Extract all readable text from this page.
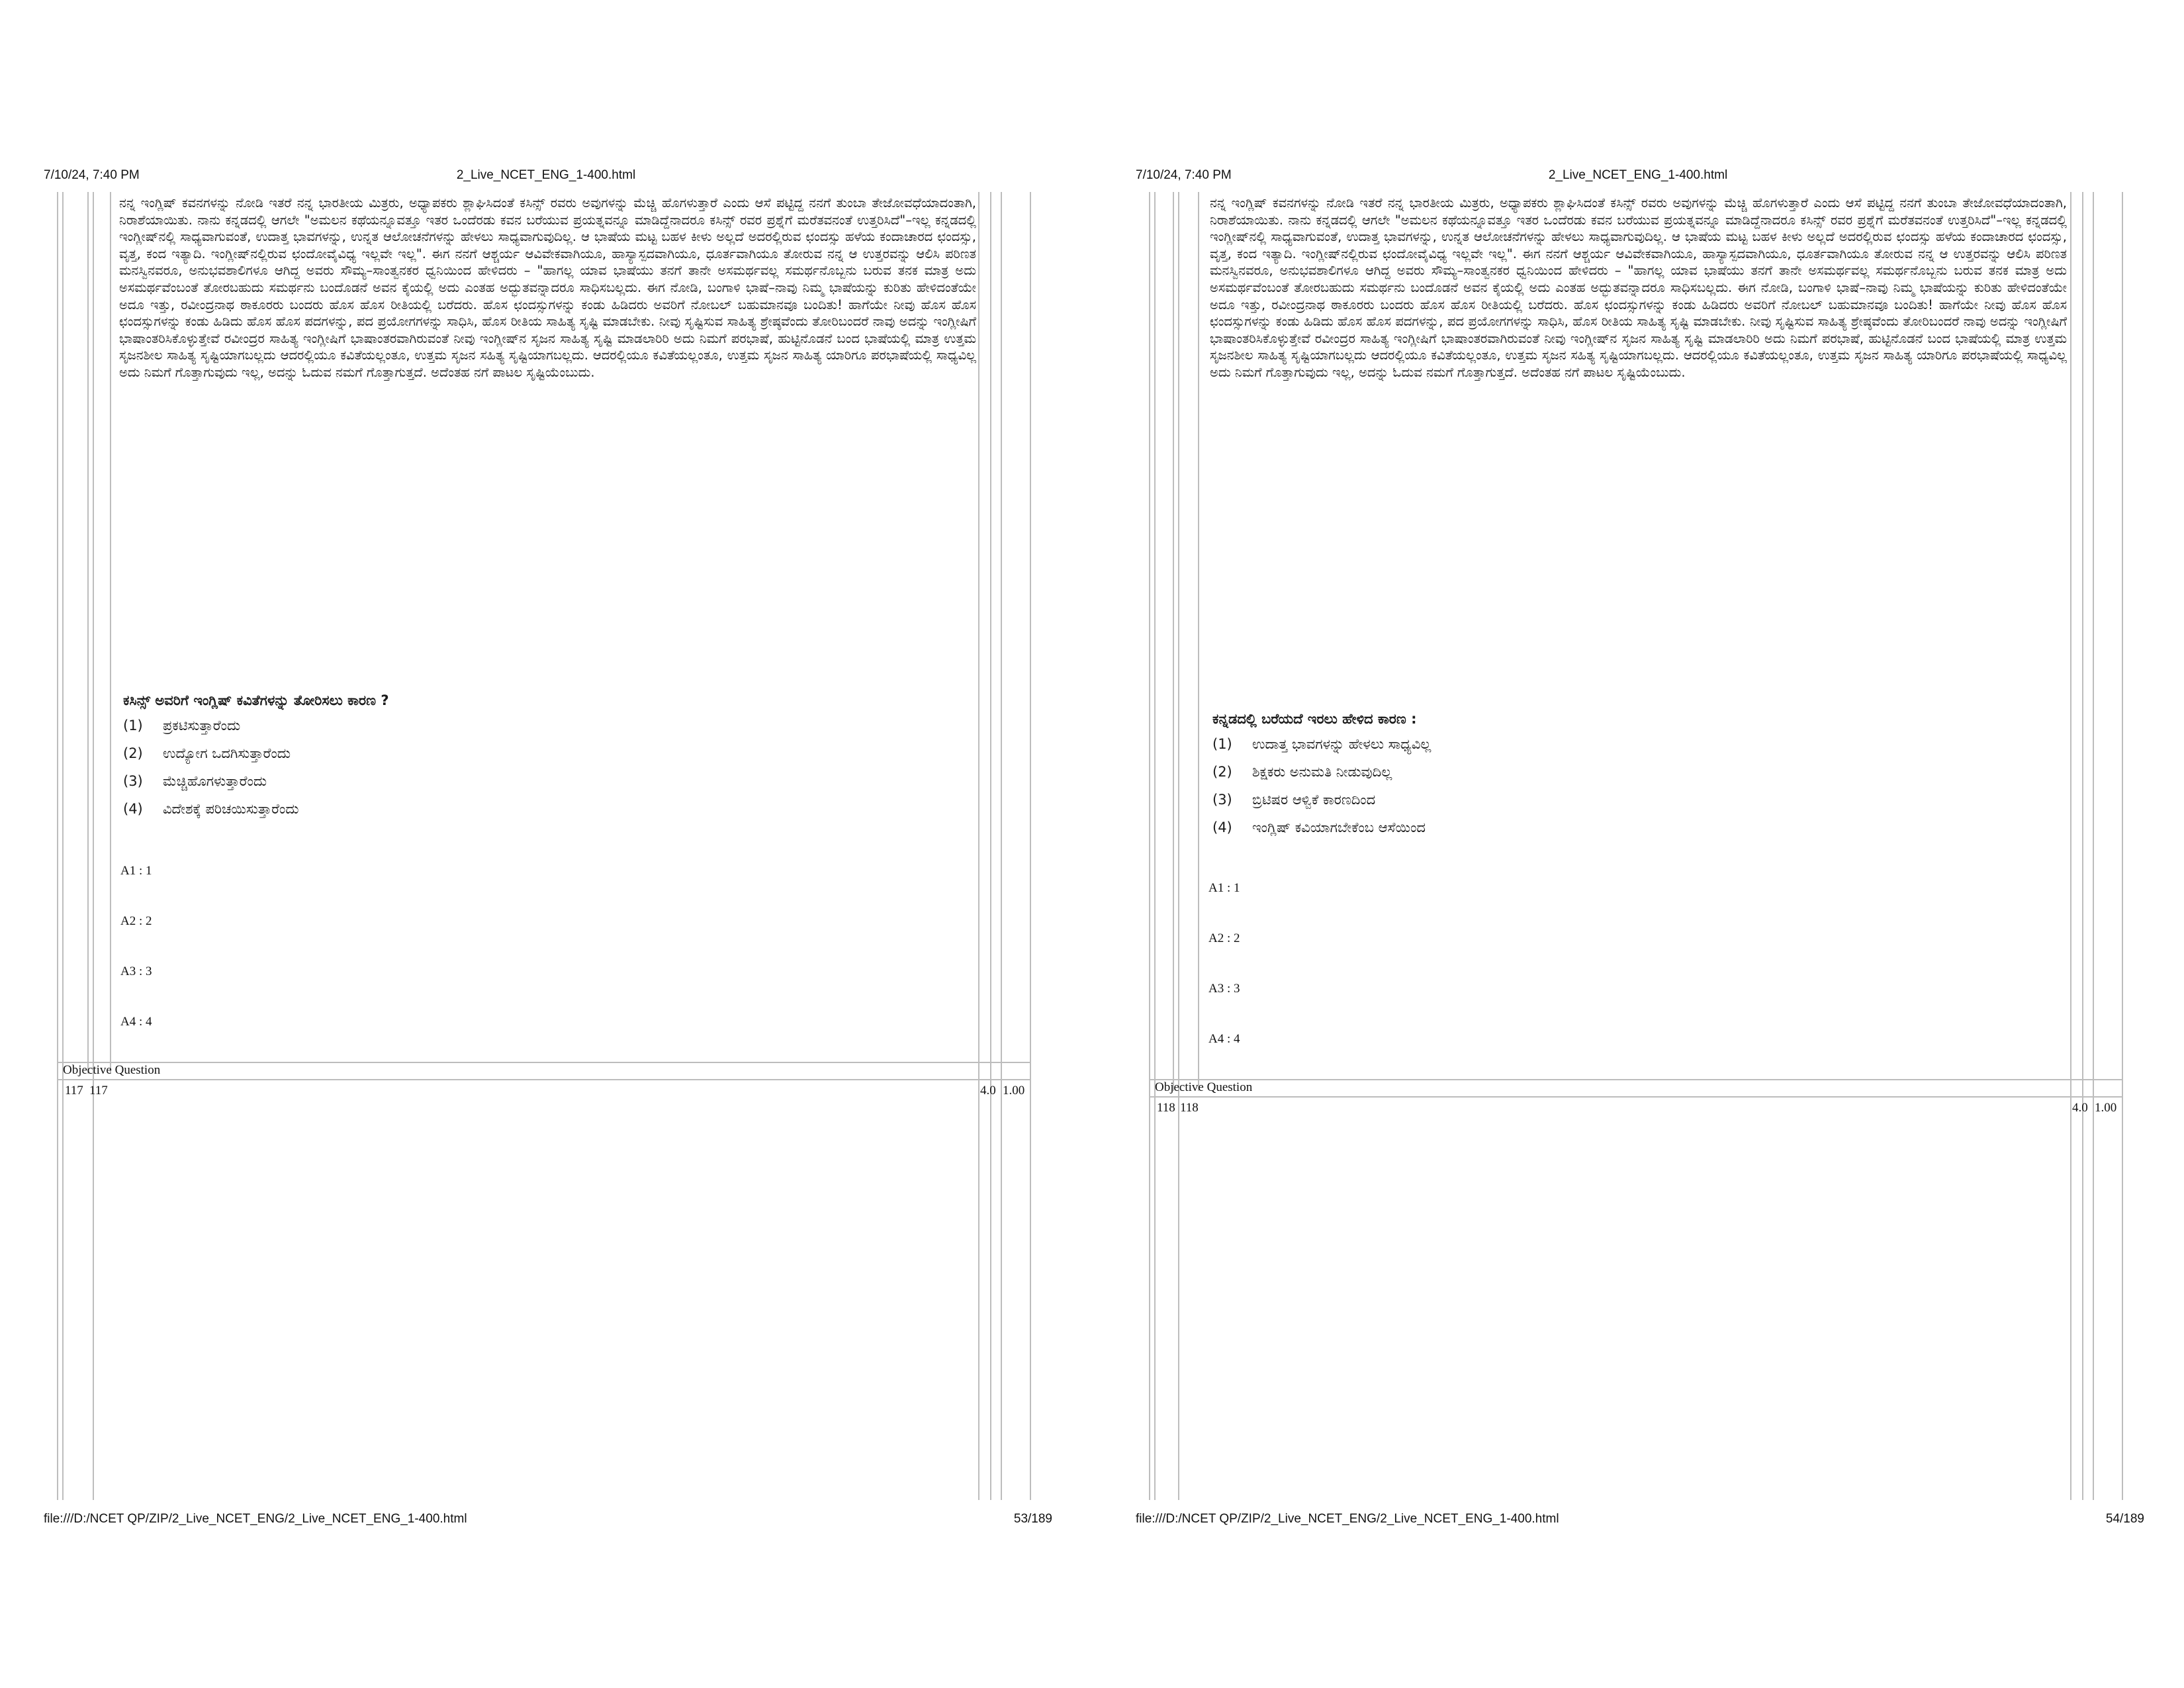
7/10/24, 7:40 PM	2_Live_NCET_ENG_1-400.html

ನನ್ನ ಇಂಗ್ಲಿಷ್ ಕವನಗಳನ್ನು ನೋಡಿ ಇತರೆ ನನ್ನ ಭಾರತೀಯ ಮಿತ್ರರು, ಅಧ್ಯಾಪಕರು ಶ್ಲಾಘಿಸಿದಂತೆ ಕಸಿನ್ಸ್ ರವರು ಅವುಗಳನ್ನು ಮೆಚ್ಚಿ ಹೊಗಳುತ್ತಾರೆ ಎಂದು ಆಸೆ ಪಟ್ಟಿದ್ದ ನನಗೆ ತುಂಬಾ ತೇಜೋವಧೆಯಾದಂತಾಗಿ, ನಿರಾಶೆಯಾಯಿತು. ನಾನು ಕನ್ನಡದಲ್ಲಿ ಆಗಲೇ "ಅಮಲನ ಕಥೆಯನ್ನೂವತ್ತೂ ಇತರ ಒಂದೆರಡು ಕವನ ಬರೆಯುವ ಪ್ರಯತ್ನವನ್ನೂ ಮಾಡಿದ್ದೆನಾದರೂ ಕಸಿನ್ಸ್ ರವರ ಪ್ರಶ್ನೆಗೆ ಮರೆತವನಂತೆ ಉತ್ತರಿಸಿದೆ"–ಇಲ್ಲ ಕನ್ನಡದಲ್ಲಿ ಇಂಗ್ಲೀಷ್‌ನಲ್ಲಿ ಸಾಧ್ಯವಾಗುವಂತೆ, ಉದಾತ್ತ ಭಾವಗಳನ್ನು, ಉನ್ನತ ಆಲೋಚನೆಗಳನ್ನು ಹೇಳಲು ಸಾಧ್ಯವಾಗುವುದಿಲ್ಲ. ಆ ಭಾಷೆಯ ಮಟ್ಟ ಬಹಳ ಕೀಳು ಅಲ್ಲದೆ ಅದರಲ್ಲಿರುವ ಛಂದಸ್ಸು ಹಳೆಯ ಕಂದಾಚಾರದ ಛಂದಸ್ಸು, ವೃತ್ತ, ಕಂದ ಇತ್ಯಾದಿ. ಇಂಗ್ಲೀಷ್‌ನಲ್ಲಿರುವ ಛಂದೋವೈವಿಧ್ಯ ಇಲ್ಲವೇ ಇಲ್ಲ". ಈಗ ನನಗೆ ಆಶ್ಚರ್ಯ ಆವಿವೇಕವಾಗಿಯೂ, ಹಾಸ್ಯಾಸ್ಪದವಾಗಿಯೂ, ಧೂರ್ತವಾಗಿಯೂ ತೋರುವ ನನ್ನ ಆ ಉತ್ತರವನ್ನು ಆಲಿಸಿ ಪರಿಣತ ಮನಸ್ವಿನವರೂ, ಅನುಭವಶಾಲಿಗಳೂ ಆಗಿದ್ದ ಅವರು ಸೌಮ್ಯ–ಸಾಂತ್ವನಕರ ಧ್ವನಿಯಿಂದ ಹೇಳಿದರು – "ಹಾಗಲ್ಲ ಯಾವ ಭಾಷೆಯು ತನಗೆ ತಾನೇ ಅಸಮರ್ಥವಲ್ಲ ಸಮರ್ಥನೊಬ್ಬನು ಬರುವ ತನಕ ಮಾತ್ರ ಅದು ಅಸಮರ್ಥವೆಂಬಂತೆ ತೋರಬಹುದು ಸಮರ್ಥನು ಬಂದೊಡನೆ ಅವನ ಕೈಯಲ್ಲಿ ಅದು ಎಂತಹ ಅದ್ಭುತವನ್ನಾದರೂ ಸಾಧಿಸಬಲ್ಲದು. ಈಗ ನೋಡಿ, ಬಂಗಾಳಿ ಭಾಷೆ–ನಾವು ನಿಮ್ಮ ಭಾಷೆಯನ್ನು ಕುರಿತು ಹೇಳಿದಂತೆಯೇ ಅದೂ ಇತ್ತು, ರವೀಂದ್ರನಾಥ ಠಾಕೂರರು ಬಂದರು ಹೊಸ ಹೊಸ ರೀತಿಯಲ್ಲಿ ಬರೆದರು. ಹೊಸ ಛಂದಸ್ಸುಗಳನ್ನು ಕಂಡು ಹಿಡಿದರು ಅವರಿಗೆ ನೋಬಲ್ ಬಹುಮಾನವೂ ಬಂದಿತು! ಹಾಗೆಯೇ ನೀವು ಹೊಸ ಹೊಸ ಛಂದಸ್ಸುಗಳನ್ನು ಕಂಡು ಹಿಡಿದು ಹೊಸ ಹೊಸ ಪದಗಳನ್ನು, ಪದ ಪ್ರಯೋಗಗಳನ್ನು ಸಾಧಿಸಿ, ಹೊಸ ರೀತಿಯ ಸಾಹಿತ್ಯ ಸೃಷ್ಟಿ ಮಾಡಬೇಕು. ನೀವು ಸೃಷ್ಟಿಸುವ ಸಾಹಿತ್ಯ ಶ್ರೇಷ್ಠವೆಂದು ತೋರಿಬಂದರೆ ನಾವು ಅದನ್ನು ಇಂಗ್ಲೀಷಿಗೆ ಭಾಷಾಂತರಿಸಿಕೊಳ್ಳುತ್ತೇವೆ ರವೀಂದ್ರರ ಸಾಹಿತ್ಯ ಇಂಗ್ಲೀಷಿಗೆ ಭಾಷಾಂತರವಾಗಿರುವಂತೆ ನೀವು ಇಂಗ್ಲೀಷ್‌ನ ಸೃಜನ ಸಾಹಿತ್ಯ ಸೃಷ್ಟಿ ಮಾಡಲಾರಿರಿ ಅದು ನಿಮಗೆ ಪರಭಾಷೆ, ಹುಟ್ಟಿನೊಡನೆ ಬಂದ ಭಾಷೆಯಲ್ಲಿ ಮಾತ್ರ ಉತ್ತಮ ಸೃಜನಶೀಲ ಸಾಹಿತ್ಯ ಸೃಷ್ಟಿಯಾಗಬಲ್ಲದು ಆದರಲ್ಲಿಯೂ ಕವಿತೆಯಲ್ಲಂತೂ, ಉತ್ತಮ ಸೃಜನ ಸಹಿತ್ಯ ಸೃಷ್ಟಿಯಾಗಬಲ್ಲದು. ಆದರಲ್ಲಿಯೂ ಕವಿತೆಯಲ್ಲಂತೂ, ಉತ್ತಮ ಸೃಜನ ಸಾಹಿತ್ಯ ಯಾರಿಗೂ ಪರಭಾಷೆಯಲ್ಲಿ ಸಾಧ್ಯವಿಲ್ಲ ಅದು ನಿಮಗೆ ಗೊತ್ತಾಗುವುದು ಇಲ್ಲ, ಅದನ್ನು ಓದುವ ನಮಗೆ ಗೊತ್ತಾಗುತ್ತದೆ. ಅದೆಂತಹ ನಗೆ ಪಾಟಲ ಸೃಷ್ಟಿಯೆಂಬುದು.

ಕಸಿನ್ಸ್ ಅವರಿಗೆ ಇಂಗ್ಲಿಷ್ ಕವಿತೆಗಳನ್ನು ತೋರಿಸಲು ಕಾರಣ ?

(1) ಪ್ರಕಟಿಸುತ್ತಾರೆಂದು
(2) ಉದ್ಯೋಗ ಒದಗಿಸುತ್ತಾರೆಂದು
(3) ಮೆಚ್ಚಿಹೊಗಳುತ್ತಾರೆಂದು
(4) ವಿದೇಶಕ್ಕೆ ಪರಿಚಯಿಸುತ್ತಾರೆಂದು
A1 : 1
A2 : 2
A3 : 3
A4 : 4
Objective Question
117 117	4.0 1.00
file:///D:/NCET QP/ZIP/2_Live_NCET_ENG/2_Live_NCET_ENG_1-400.html	53/189
7/10/24, 7:40 PM	2_Live_NCET_ENG_1-400.html

ನನ್ನ ಇಂಗ್ಲಿಷ್ ಕವನಗಳನ್ನು ನೋಡಿ ಇತರೆ ನನ್ನ ಭಾರತೀಯ ಮಿತ್ರರು, ಅಧ್ಯಾಪಕರು ಶ್ಲಾಘಿಸಿದಂತೆ ಕಸಿನ್ಸ್ ರವರು ಅವುಗಳನ್ನು ಮೆಚ್ಚಿ ಹೊಗಳುತ್ತಾರೆ ಎಂದು ಆಸೆ ಪಟ್ಟಿದ್ದ ನನಗೆ ತುಂಬಾ ತೇಜೋವಧೆಯಾದಂತಾಗಿ, ನಿರಾಶೆಯಾಯಿತು. ನಾನು ಕನ್ನಡದಲ್ಲಿ ಆಗಲೇ "ಅಮಲನ ಕಥೆಯನ್ನೂವತ್ತೂ ಇತರ ಒಂದೆರಡು ಕವನ ಬರೆಯುವ ಪ್ರಯತ್ನವನ್ನೂ ಮಾಡಿದ್ದೆನಾದರೂ ಕಸಿನ್ಸ್ ರವರ ಪ್ರಶ್ನೆಗೆ ಮರೆತವನಂತೆ ಉತ್ತರಿಸಿದೆ"–ಇಲ್ಲ ಕನ್ನಡದಲ್ಲಿ ಇಂಗ್ಲೀಷ್‌ನಲ್ಲಿ ಸಾಧ್ಯವಾಗುವಂತೆ, ಉದಾತ್ತ ಭಾವಗಳನ್ನು, ಉನ್ನತ ಆಲೋಚನೆಗಳನ್ನು ಹೇಳಲು ಸಾಧ್ಯವಾಗುವುದಿಲ್ಲ. ಆ ಭಾಷೆಯ ಮಟ್ಟ ಬಹಳ ಕೀಳು ಅಲ್ಲದೆ ಅದರಲ್ಲಿರುವ ಛಂದಸ್ಸು ಹಳೆಯ ಕಂದಾಚಾರದ ಛಂದಸ್ಸು, ವೃತ್ತ, ಕಂದ ಇತ್ಯಾದಿ. ಇಂಗ್ಲೀಷ್‌ನಲ್ಲಿರುವ ಛಂದೋವೈವಿಧ್ಯ ಇಲ್ಲವೇ ಇಲ್ಲ". ಈಗ ನನಗೆ ಆಶ್ಚರ್ಯ ಆವಿವೇಕವಾಗಿಯೂ, ಹಾಸ್ಯಾಸ್ಪದವಾಗಿಯೂ, ಧೂರ್ತವಾಗಿಯೂ ತೋರುವ ನನ್ನ ಆ ಉತ್ತರವನ್ನು ಆಲಿಸಿ ಪರಿಣತ ಮನಸ್ವಿನವರೂ, ಅನುಭವಶಾಲಿಗಳೂ ಆಗಿದ್ದ ಅವರು ಸೌಮ್ಯ–ಸಾಂತ್ವನಕರ ಧ್ವನಿಯಿಂದ ಹೇಳಿದರು – "ಹಾಗಲ್ಲ ಯಾವ ಭಾಷೆಯು ತನಗೆ ತಾನೇ ಅಸಮರ್ಥವಲ್ಲ ಸಮರ್ಥನೊಬ್ಬನು ಬರುವ ತನಕ ಮಾತ್ರ ಅದು ಅಸಮರ್ಥವೆಂಬಂತೆ ತೋರಬಹುದು ಸಮರ್ಥನು ಬಂದೊಡನೆ ಅವನ ಕೈಯಲ್ಲಿ ಅದು ಎಂತಹ ಅದ್ಭುತವನ್ನಾದರೂ ಸಾಧಿಸಬಲ್ಲದು. ಈಗ ನೋಡಿ, ಬಂಗಾಳಿ ಭಾಷೆ–ನಾವು ನಿಮ್ಮ ಭಾಷೆಯನ್ನು ಕುರಿತು ಹೇಳಿದಂತೆಯೇ ಅದೂ ಇತ್ತು, ರವೀಂದ್ರನಾಥ ಠಾಕೂರರು ಬಂದರು ಹೊಸ ಹೊಸ ರೀತಿಯಲ್ಲಿ ಬರೆದರು. ಹೊಸ ಛಂದಸ್ಸುಗಳನ್ನು ಕಂಡು ಹಿಡಿದರು ಅವರಿಗೆ ನೋಬಲ್ ಬಹುಮಾನವೂ ಬಂದಿತು! ಹಾಗೆಯೇ ನೀವು ಹೊಸ ಹೊಸ ಛಂದಸ್ಸುಗಳನ್ನು ಕಂಡು ಹಿಡಿದು ಹೊಸ ಹೊಸ ಪದಗಳನ್ನು, ಪದ ಪ್ರಯೋಗಗಳನ್ನು ಸಾಧಿಸಿ, ಹೊಸ ರೀತಿಯ ಸಾಹಿತ್ಯ ಸೃಷ್ಟಿ ಮಾಡಬೇಕು. ನೀವು ಸೃಷ್ಟಿಸುವ ಸಾಹಿತ್ಯ ಶ್ರೇಷ್ಠವೆಂದು ತೋರಿಬಂದರೆ ನಾವು ಅದನ್ನು ಇಂಗ್ಲೀಷಿಗೆ ಭಾಷಾಂತರಿಸಿಕೊಳ್ಳುತ್ತೇವೆ ರವೀಂದ್ರರ ಸಾಹಿತ್ಯ ಇಂಗ್ಲೀಷಿಗೆ ಭಾಷಾಂತರವಾಗಿರುವಂತೆ ನೀವು ಇಂಗ್ಲೀಷ್‌ನ ಸೃಜನ ಸಾಹಿತ್ಯ ಸೃಷ್ಟಿ ಮಾಡಲಾರಿರಿ ಅದು ನಿಮಗೆ ಪರಭಾಷೆ, ಹುಟ್ಟಿನೊಡನೆ ಬಂದ ಭಾಷೆಯಲ್ಲಿ ಮಾತ್ರ ಉತ್ತಮ ಸೃಜನಶೀಲ ಸಾಹಿತ್ಯ ಸೃಷ್ಟಿಯಾಗಬಲ್ಲದು ಆದರಲ್ಲಿಯೂ ಕವಿತೆಯಲ್ಲಂತೂ, ಉತ್ತಮ ಸೃಜನ ಸಹಿತ್ಯ ಸೃಷ್ಟಿಯಾಗಬಲ್ಲದು. ಆದರಲ್ಲಿಯೂ ಕವಿತೆಯಲ್ಲಂತೂ, ಉತ್ತಮ ಸೃಜನ ಸಾಹಿತ್ಯ ಯಾರಿಗೂ ಪರಭಾಷೆಯಲ್ಲಿ ಸಾಧ್ಯವಿಲ್ಲ ಅದು ನಿಮಗೆ ಗೊತ್ತಾಗುವುದು ಇಲ್ಲ, ಅದನ್ನು ಓದುವ ನಮಗೆ ಗೊತ್ತಾಗುತ್ತದೆ. ಅದೆಂತಹ ನಗೆ ಪಾಟಲ ಸೃಷ್ಟಿಯೆಂಬುದು.

ಕನ್ನಡದಲ್ಲಿ ಬರೆಯದೆ ಇರಲು ಹೇಳಿದ ಕಾರಣ :

(1) ಉದಾತ್ತ ಭಾವಗಳನ್ನು ಹೇಳಲು ಸಾಧ್ಯವಿಲ್ಲ
(2) ಶಿಕ್ಷಕರು ಅನುಮತಿ ನೀಡುವುದಿಲ್ಲ
(3) ಬ್ರಿಟಿಷರ ಆಳ್ವಿಕೆ ಕಾರಣದಿಂದ
(4) ಇಂಗ್ಲಿಷ್ ಕವಿಯಾಗಬೇಕೆಂಬ ಆಸೆಯಿಂದ
A1 : 1
A2 : 2
A3 : 3
A4 : 4
Objective Question
118 118	4.0 1.00
file:///D:/NCET QP/ZIP/2_Live_NCET_ENG/2_Live_NCET_ENG_1-400.html	54/189
